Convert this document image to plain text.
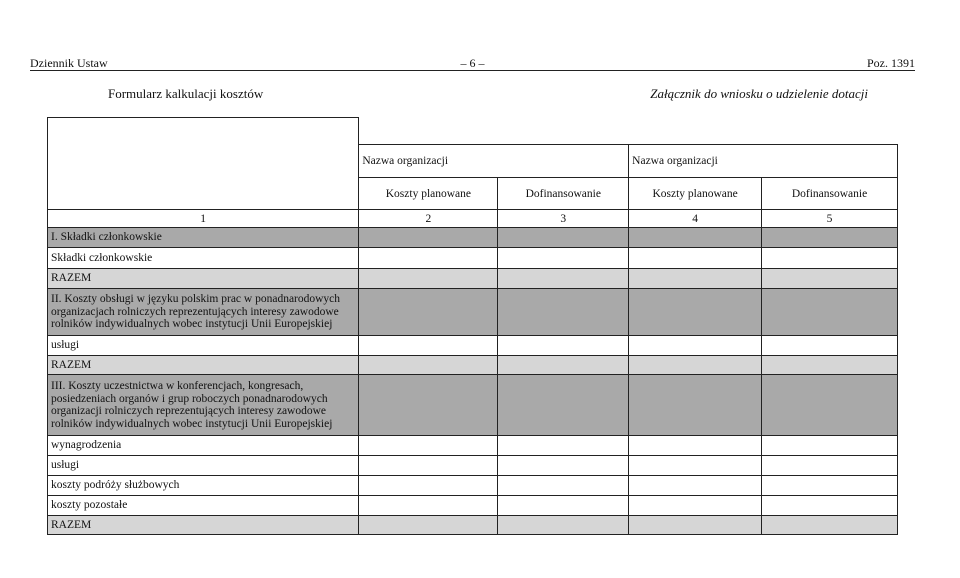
Dziennik Ustaw	– 6 –	Poz. 1391
Formularz kalkulacji kosztów	Załącznik do wniosku o udzielenie dotacji

	Nazwa organizacji		Nazwa organizacji	
	Koszty planowane	Dofinansowanie	Koszty planowane	Dofinansowanie
1	2	3	4	5
I. Składki członkowskie				
Składki członkowskie				
RAZEM				
II. Koszty obsługi w języku polskim prac w ponadnarodowych organizacjach rolniczych reprezentujących interesy zawodowe rolników indywidualnych wobec instytucji Unii Europejskiej				
usługi				
RAZEM				
III. Koszty uczestnictwa w konferencjach, kongresach, posiedzeniach organów i grup roboczych ponadnarodowych organizacji rolniczych reprezentujących interesy zawodowe rolników indywidualnych wobec instytucji Unii Europejskiej				
wynagrodzenia				
usługi				
koszty podróży służbowych				
koszty pozostałe				
RAZEM				
